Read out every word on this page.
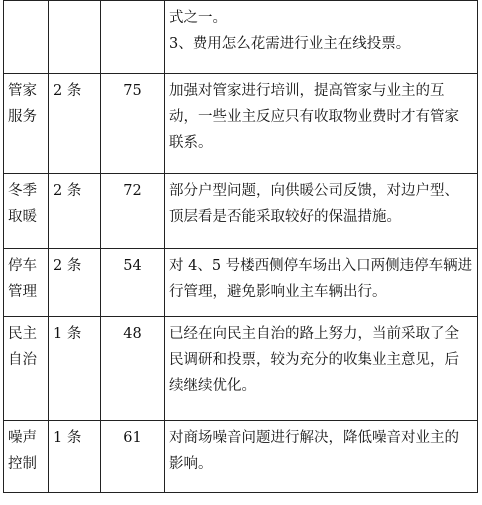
			式之一。
3、费用怎么花需进行业主在线投票。

管家服务	2 条	75	加强对管家进行培训，提高管家与业主的互动，一些业主反应只有收取物业费时才有管家联系。
冬季取暖	2 条	72	部分户型问题，向供暖公司反馈，对边户型、顶层看是否能采取较好的保温措施。
停车管理	2 条	54	对 4、5 号楼西侧停车场出入口两侧违停车辆进行管理，避免影响业主车辆出行。
民主自治	1 条	48	已经在向民主自治的路上努力，当前采取了全民调研和投票，较为充分的收集业主意见，后续继续优化。
噪声控制	1 条	61	对商场噪音问题进行解决，降低噪音对业主的影响。
